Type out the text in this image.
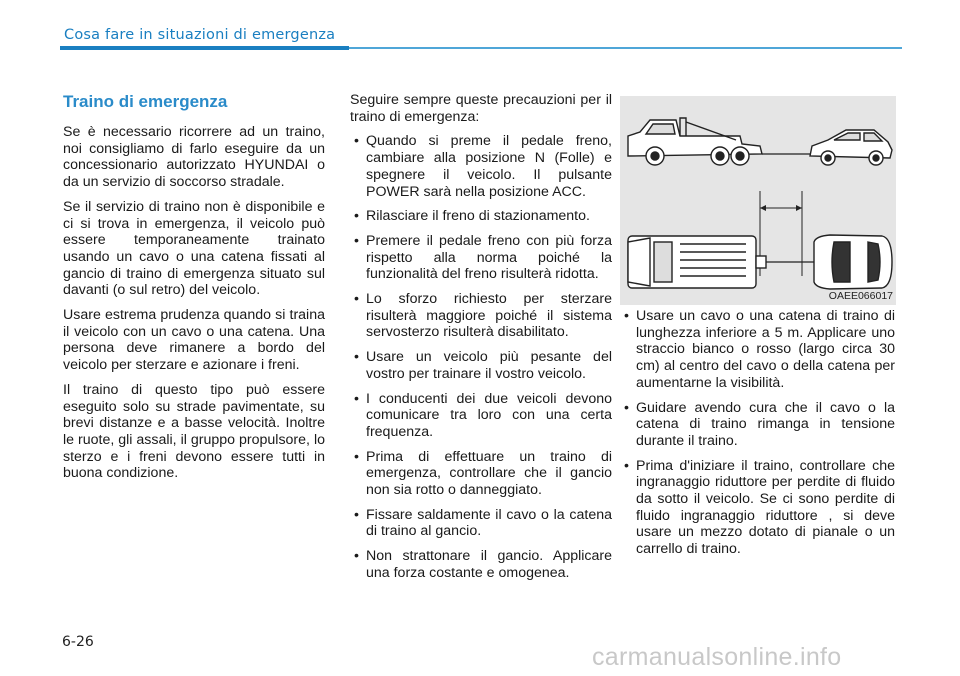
Cosa fare in situazioni di emergenza
Traino di emergenza

Se è necessario ricorrere ad un traino, noi consigliamo di farlo eseguire da un concessionario autorizzato HYUNDAI o da un servizio di soccorso stradale.

Se il servizio di traino non è disponibile e ci si trova in emergenza, il veicolo può essere temporaneamente trainato usando un cavo o una catena fissati al gancio di traino di emergenza situato sul davanti (o sul retro) del veicolo.

Usare estrema prudenza quando si traina il veicolo con un cavo o una catena. Una persona deve rimanere a bordo del veicolo per sterzare e azionare i freni.

Il traino di questo tipo può essere eseguito solo su strade pavimentate, su brevi distanze e a basse velocità. Inoltre le ruote, gli assali, il gruppo propulsore, lo sterzo e i freni devono essere tutti in buona condizione.

Seguire sempre queste precauzioni per il traino di emergenza:

• Quando si preme il pedale freno, cambiare alla posizione N (Folle) e spegnere il veicolo. Il pulsante POWER sarà nella posizione ACC.
• Rilasciare il freno di stazionamento.
• Premere il pedale freno con più forza rispetto alla norma poiché la funzionalità del freno risulterà ridotta.
• Lo sforzo richiesto per sterzare risulterà maggiore poiché il sistema servosterzo risulterà disabilitato.
• Usare un veicolo più pesante del vostro per trainare il vostro veicolo.
• I conducenti dei due veicoli devono comunicare tra loro con una certa frequenza.
• Prima di effettuare un traino di emergenza, controllare che il gancio non sia rotto o danneggiato.
• Fissare saldamente il cavo o la catena di traino al gancio.
• Non strattonare il gancio. Applicare una forza costante e omogenea.
OAEE066017
• Usare un cavo o una catena di traino di lunghezza inferiore a 5 m. Applicare uno straccio bianco o rosso (largo circa 30 cm) al centro del cavo o della catena per aumentarne la visibilità.
• Guidare avendo cura che il cavo o la catena di traino rimanga in tensione durante il traino.
• Prima d'iniziare il traino, controllare che ingranaggio riduttore per perdite di fluido da sotto il veicolo. Se ci sono perdite di fluido ingranaggio riduttore , si deve usare un mezzo dotato di pianale o un carrello di traino.
6-26
carmanualsonline.info
